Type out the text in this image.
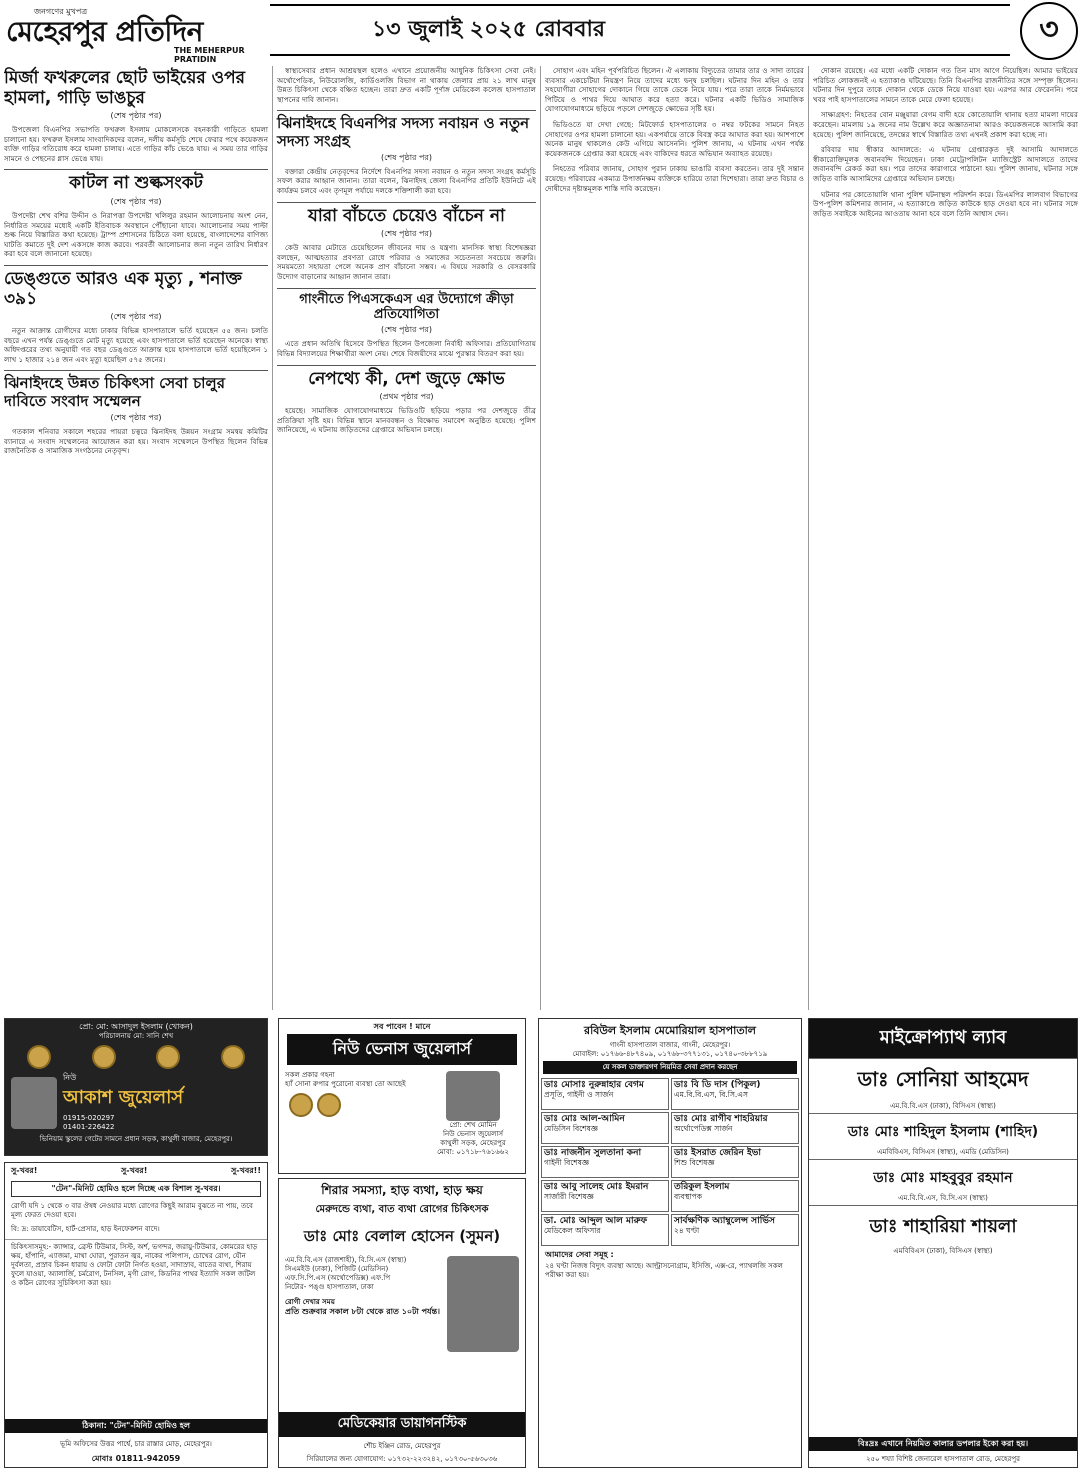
জনগণের মুখপত্র
মেহেরপুর প্রতিদিন
THE MEHERPUR PRATIDIN
১৩ জুলাই ২০২৫ রোববার	৩
মির্জা ফখরুলের ছোট ভাইয়ের ওপর হামলা, গাড়ি ভাঙচুর
(শেষ পৃষ্ঠার পর)
উপজেলা বিএনপির সভাপতি ফখরুল ইসলাম মোকলেসকে বহনকারী গাড়িতে হামলা চালানো হয়। ফখরুল ইসলাম সাংবাদিকদের বলেন, দলীয় কর্মসূচি শেষে ফেরার পথে কয়েকজন ব্যক্তি গাড়ির গতিরোধ করে হামলা চালায়। এতে গাড়ির কাঁচ ভেঙে যায়। এ সময় তার গাড়ির সামনে ও পেছনের গ্লাস ভেঙে যায়।
কাটল না শুল্কসংকট
(শেষ পৃষ্ঠার পর)
উপদেষ্টা শেখ বশির উদ্দীন ও নিরাপত্তা উপদেষ্টা খলিলুর রহমান আলোচনায় অংশ নেন, নির্ধারিত সময়ের মধ্যেই একটি ইতিবাচক অবস্থানে পৌঁছানো যাবে। আলোচনার সময় পাল্টা শুল্ক নিয়ে বিস্তারিত কথা হয়েছে। ট্রাম্প প্রশাসনের চিঠিতে বলা হয়েছে, বাংলাদেশের বাণিজ্য ঘাটতি কমাতে দুই দেশ একসঙ্গে কাজ করবে। পরবর্তী আলোচনার জন্য নতুন তারিখ নির্ধারণ করা হবে বলে জানানো হয়েছে।
ডেঙ্গুতে আরও এক মৃত্যু , শনাক্ত ৩৯১
(শেষ পৃষ্ঠার পর)
নতুন আক্রান্ত রোগীদের মধ্যে ঢাকার বিভিন্ন হাসপাতালে ভর্তি হয়েছেন ৫৫ জন। চলতি বছরে এখন পর্যন্ত ডেঙ্গুতে মোট মৃত্যু হয়েছে এবং হাসপাতালে ভর্তি হয়েছেন অনেকে। স্বাস্থ্য অধিদপ্তরের তথ্য অনুযায়ী গত বছর ডেঙ্গুতে আক্রান্ত হয়ে হাসপাতালে ভর্তি হয়েছিলেন ১ লাখ ১ হাজার ২১৪ জন এবং মৃত্যু হয়েছিল ৫৭৫ জনের।
ঝিনাইদহে উন্নত চিকিৎসা সেবা চালুর দাবিতে সংবাদ সম্মেলন
(শেষ পৃষ্ঠার পর)
গতকাল শনিবার সকালে শহরের পায়রা চত্বরে ঝিনাইদহ উন্নয়ন সংগ্রাম সমন্বয় কমিটির ব্যানারে এ সংবাদ সম্মেলনের আয়োজন করা হয়। সংবাদ সম্মেলনে উপস্থিত ছিলেন বিভিন্ন রাজনৈতিক ও সামাজিক সংগঠনের নেতৃবৃন্দ।
স্বাস্থ্যসেবার প্রধান আশ্রয়স্থল হলেও এখানে প্রয়োজনীয় আধুনিক চিকিৎসা সেবা নেই। অর্থোপেডিক, নিউরোলজি, কার্ডিওলজি বিভাগ না থাকায় জেলার প্রায় ২১ লাখ মানুষ উন্নত চিকিৎসা থেকে বঞ্চিত হচ্ছেন। তারা দ্রুত একটি পূর্ণাঙ্গ মেডিকেল কলেজ হাসপাতাল স্থাপনের দাবি জানান।
ঝিনাইদহে বিএনপির সদস্য নবায়ন ও নতুন সদস্য সংগ্রহ
(শেষ পৃষ্ঠার পর)
বক্তারা কেন্দ্রীয় নেতৃবৃন্দের নির্দেশে বিএনপির সদস্য নবায়ন ও নতুন সদস্য সংগ্রহ কর্মসূচি সফল করার আহ্বান জানান। তারা বলেন, ঝিনাইদহ জেলা বিএনপির প্রতিটি ইউনিটে এই কার্যক্রম চলবে এবং তৃণমূল পর্যায়ে দলকে শক্তিশালী করা হবে।
যারা বাঁচতে চেয়েও বাঁচেন না
(শেষ পৃষ্ঠার পর)
কেউ আবার মেটাতে চেয়েছিলেন জীবনের দায় ও যন্ত্রণা। মানসিক স্বাস্থ্য বিশেষজ্ঞরা বলছেন, আত্মহত্যার প্রবণতা রোধে পরিবার ও সমাজের সচেতনতা সবচেয়ে জরুরি। সময়মতো সহায়তা পেলে অনেক প্রাণ বাঁচানো সম্ভব। এ বিষয়ে সরকারি ও বেসরকারি উদ্যোগ বাড়ানোর আহ্বান জানান তারা।
গাংনীতে পিএসকেএস এর উদ্যোগে ক্রীড়া প্রতিযোগিতা
(শেষ পৃষ্ঠার পর)
এতে প্রধান অতিথি হিসেবে উপস্থিত ছিলেন উপজেলা নির্বাহী অফিসার। প্রতিযোগিতায় বিভিন্ন বিদ্যালয়ের শিক্ষার্থীরা অংশ নেয়। শেষে বিজয়ীদের মাঝে পুরস্কার বিতরণ করা হয়।
নেপথ্যে কী, দেশ জুড়ে ক্ষোভ
(প্রথম পৃষ্ঠার পর)
হয়েছে। সামাজিক যোগাযোগমাধ্যমে ভিডিওটি ছড়িয়ে পড়ার পর দেশজুড়ে তীব্র প্রতিক্রিয়া সৃষ্টি হয়। বিভিন্ন স্থানে মানববন্ধন ও বিক্ষোভ সমাবেশ অনুষ্ঠিত হয়েছে। পুলিশ জানিয়েছে, এ ঘটনায় জড়িতদের গ্রেপ্তারে অভিযান চলছে।
সোহাগ এবং মহিন পূর্বপরিচিত ছিলেন। ঐ এলাকায় বিদ্যুতের তামার তার ও সাদা তারের ব্যবসার একচেটিয়া নিয়ন্ত্রণ নিয়ে তাদের মধ্যে দ্বন্দ্ব চলছিল। ঘটনার দিন মহিন ও তার সহযোগীরা সোহাগের দোকানে গিয়ে তাকে ডেকে নিয়ে যায়। পরে তারা তাকে নির্মমভাবে পিটিয়ে ও পাথর দিয়ে আঘাত করে হত্যা করে। ঘটনার একটি ভিডিও সামাজিক যোগাযোগমাধ্যমে ছড়িয়ে পড়লে দেশজুড়ে ক্ষোভের সৃষ্টি হয়।
ভিডিওতে যা দেখা গেছে: মিটফোর্ড হাসপাতালের ৩ নম্বর ফটকের সামনে নিহত সোহাগের ওপর হামলা চালানো হয়। একপর্যায়ে তাকে বিবস্ত্র করে আঘাত করা হয়। আশপাশে অনেক মানুষ থাকলেও কেউ এগিয়ে আসেননি। পুলিশ জানায়, এ ঘটনায় এখন পর্যন্ত কয়েকজনকে গ্রেপ্তার করা হয়েছে এবং বাকিদের ধরতে অভিযান অব্যাহত রয়েছে।
নিহতের পরিবার জানায়, সোহাগ পুরান ঢাকায় ভাঙারি ব্যবসা করতেন। তার দুই সন্তান রয়েছে। পরিবারের একমাত্র উপার্জনক্ষম ব্যক্তিকে হারিয়ে তারা দিশেহারা। তারা দ্রুত বিচার ও দোষীদের দৃষ্টান্তমূলক শাস্তি দাবি করেছেন।
দোকান রয়েছে। এর মধ্যে একটি দোকান গত তিন মাস আগে নিয়েছিল। আমার ভাইয়ের পরিচিত লোকজনই এ হত্যাকাণ্ড ঘটিয়েছে। তিনি বিএনপির রাজনীতির সঙ্গে সম্পৃক্ত ছিলেন। ঘটনার দিন দুপুরে তাকে দোকান থেকে ডেকে নিয়ে যাওয়া হয়। এরপর আর ফেরেননি। পরে খবর পাই হাসপাতালের সামনে তাকে মেরে ফেলা হয়েছে।
সাক্ষ্যগ্রহণ: নিহতের বোন মঞ্জুয়ারা বেগম বাদী হয়ে কোতোয়ালি থানায় হত্যা মামলা দায়ের করেছেন। মামলায় ১৯ জনের নাম উল্লেখ করে অজ্ঞাতনামা আরও কয়েকজনকে আসামি করা হয়েছে। পুলিশ জানিয়েছে, তদন্তের স্বার্থে বিস্তারিত তথ্য এখনই প্রকাশ করা হচ্ছে না।
রবিবার দায় স্বীকার আদালতে: এ ঘটনায় গ্রেপ্তারকৃত দুই আসামি আদালতে স্বীকারোক্তিমূলক জবানবন্দি দিয়েছেন। ঢাকা মেট্রোপলিটন ম্যাজিস্ট্রেট আদালতে তাদের জবানবন্দি রেকর্ড করা হয়। পরে তাদের কারাগারে পাঠানো হয়। পুলিশ জানায়, ঘটনার সঙ্গে জড়িত বাকি আসামিদের গ্রেপ্তারে অভিযান চলছে।
ঘটনার পর কোতোয়ালি থানা পুলিশ ঘটনাস্থল পরিদর্শন করে। ডিএমপির লালবাগ বিভাগের উপ-পুলিশ কমিশনার জানান, এ হত্যাকাণ্ডে জড়িত কাউকে ছাড় দেওয়া হবে না। ঘটনার সঙ্গে জড়িত সবাইকে আইনের আওতায় আনা হবে বলে তিনি আশ্বাস দেন।
প্রো: মো: আসাদুল ইসলাম (খোকন)
পরিচালনায় মো: সানি শেখ
নিউ
আকাশ জুয়েলার্স
01915-020297
01401-226422
ভিনিয়াম স্কুলের গেটের সামনে প্রধান সড়ক, কাথুলী বাজার, মেহেরপুর।
সু-খবর!	সু-খবর!	সু-খবর!!
"টেন"-মিনিট হোমিও হলে দিচ্ছে এক বিশাল সু-খবর।
রোগী যদি ১ থেকে ৩ বার ঔষধ নেওয়ার মধ্যে রোগের কিছুই আরাম বুঝতে না পায়, তবে মূল্য ফেরত দেওয়া হবে।
বি: দ্র: ডায়াবেটিস, হার্ট-প্রেসার, হাড় ইনফেকশন বাদে।
চিকিৎসাসমূহ:- ক্যান্সার, ব্রেস্ট টিউমার, সিস্ট, অর্শ, ভগন্দর, জরায়ু-টিউমার, কোমরের হাড় ক্ষয়, হাঁপানি, এ্যাজমা, মাথা ঘোরা, পুরাতন জ্বর, নাকের পলিপাস, চোখের রোগ, যৌন দুর্বলতা, প্রস্রাব চিকন ধারায় ও ফোটা ফোটা নির্গত হওয়া, সাদাস্রাব, বাতের ব্যথা, শিরায় ফুলে যাওয়া, অ্যালার্জি, চর্মরোগ, টনসিল, মৃগী রোগ, কিডনির পাথর ইত্যাদি সকল জটিল ও কঠিন রোগের সুচিকিৎসা করা হয়।
ঠিকানা: "টেন"-মিনিট হোমিও হল
ভূমি অফিসের উত্তর পার্শ্বে, চার রাস্তার মোড়, মেহেরপুর।
মোবাঃ 01811-942059
সব পাবেন ! মানে
নিউ ভেনাস জুয়েলার্স
সকল প্রকার গহনা
হ্যাঁ সোনা রুপার পুরোনো ব্যবস্থা তো আছেই
প্রো: শেখ মোমিন
নিউ ভেনাস জুয়েলার্স
কাথুলী সড়ক, মেহেরপুর
মোবা: ০১৭১৮-৭৬১৬৬২
শিরার সমস্যা, হাড় ব্যথা, হাড় ক্ষয়
মেরুদন্ডে ব্যথা, বাত ব্যথা রোগের চিকিৎসক
ডাঃ মোঃ বেলাল হোসেন (সুমন)
এম.বি.বি.এস (রাজশাহী), বি.সি.এস (স্বাস্থ্য)
সিএমইউ (ঢাকা), পিজিটি (মেডিসিন)
এফ.সি.পি.এস (অর্থোপেডিক্স) এফ.পি
নিটোর- পঙ্গু হাসপাতাল, ঢাকা
রোগী দেখার সময়
প্রতি শুক্রবার সকাল ৮টা থেকে রাত ১০টা পর্যন্ত।
মেডিকেয়ার ডায়াগনস্টিক
শৌচ ইঞ্জিন রোড, মেহেরপুর
সিরিয়ালের জন্য যোগাযোগ: ০১৭৩২-২২৩২৪২, ০১৭৩০-৫৬৩০৩৬
রবিউল ইসলাম মেমোরিয়াল হাসপাতাল
গাংনী হাসপাতাল বাজার, গাংনী, মেহেরপুর।
মোবাইল: ০১৭৬৬-৪৮৭৪০৯, ০১৭৬৮-৩৭৭১৩১, ০১৭৪০-৩৮৮৭১৯
যে সকল ডাক্তারগণ নিয়মিত সেবা প্রদান করছেন
ডাঃ মোসাঃ নুরুন্নাহার বেগম
প্রসূতি, গাইনী ও সার্জন
ডাঃ বি ডি দাস (পিকুল)
এম.বি.বি.এস, বি.সি.এস
ডাঃ মোঃ আল-আমিন
মেডিসিন বিশেষজ্ঞ
ডাঃ মোঃ রাগীব শাহরিয়ার
অর্থোপেডিক্স সার্জন
ডাঃ নাজনীন সুলতানা কনা
গাইনী বিশেষজ্ঞ
ডাঃ ইসরাত জেরিন ইভা
শিশু বিশেষজ্ঞ
ডাঃ আবু সালেহ মোঃ ইমরান
সার্জারী বিশেষজ্ঞ
তরিকুল ইসলাম
ব্যবস্থাপক
ডা. মোঃ আব্দুল আল মারুফ
মেডিকেল অফিসার
সার্বক্ষণিক অ্যাম্বুলেন্স সার্ভিস
২৪ ঘণ্টা
আমাদের সেবা সমূহ :
২৪ ঘণ্টা নিজস্ব বিদ্যুৎ ব্যবস্থা আছে। আল্ট্রাসনোগ্রাম, ইসিজি, এক্স-রে, প্যাথলজি সকল পরীক্ষা করা হয়।
মাইক্রোপ্যাথ ল্যাব
ডাঃ সোনিয়া আহমেদ
এম.বি.বি.এস (ঢাকা), বিসিএস (স্বাস্থ্য)
ডাঃ মোঃ শাহিদুল ইসলাম (শাহিদ)
এমবিবিএস, বিসিএস (স্বাস্থ্য), এমডি (মেডিসিন)
ডাঃ মোঃ মাহবুবুর রহমান
এম.বি.বি.এস, বি.সি.এস (স্বাস্থ্য)
ডাঃ শাহারিয়া শায়লা
এমবিবিএস (ঢাকা), বিসিএস (স্বাস্থ্য)
বিঃদ্রঃ এখানে নিয়মিত কালার ডপলার ইকো করা হয়।
২৫০ শয্যা বিশিষ্ট জেনারেল হাসপাতাল রোড, মেহেরপুর
